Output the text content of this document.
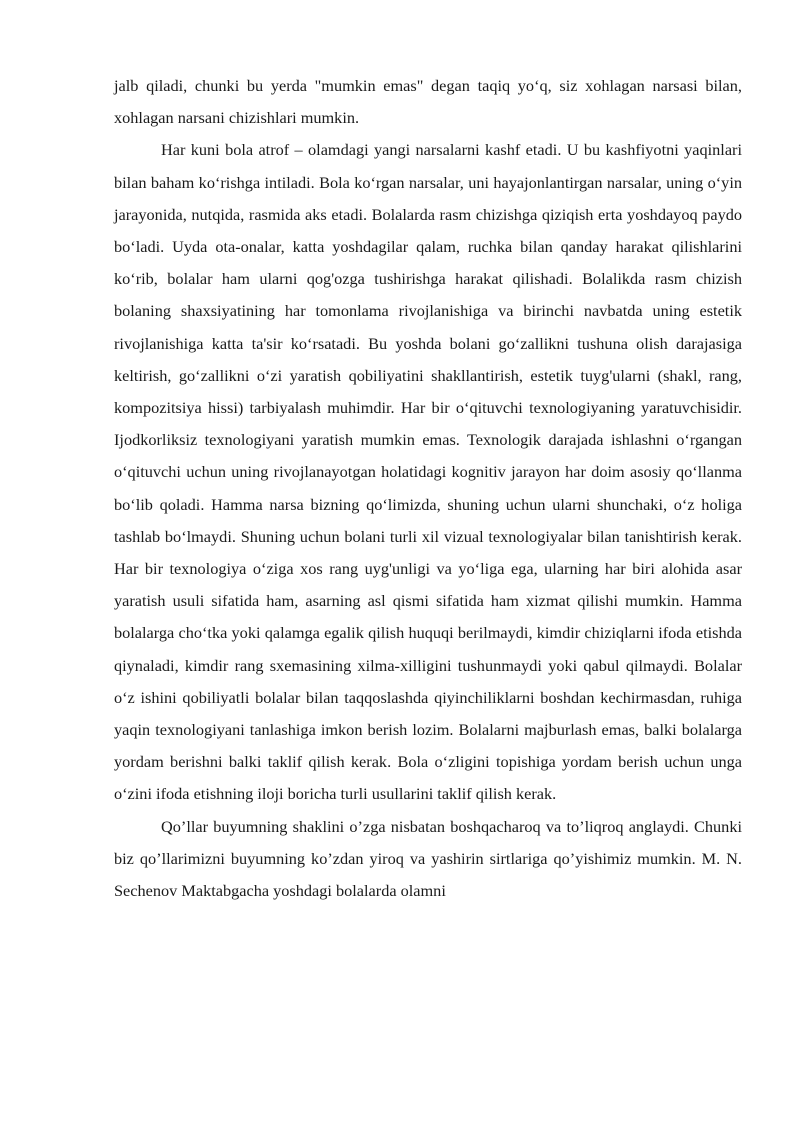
jalb qiladi, chunki bu yerda "mumkin emas" degan taqiq yo‘q, siz xohlagan narsasi bilan, xohlagan narsani chizishlari mumkin.

Har kuni bola atrof – olamdagi yangi narsalarni kashf etadi. U bu kashfiyotni yaqinlari bilan baham ko‘rishga intiladi. Bola ko‘rgan narsalar, uni hayajonlantirgan narsalar, uning o‘yin jarayonida, nutqida, rasmida aks etadi. Bolalarda rasm chizishga qiziqish erta yoshdayoq paydo bo‘ladi. Uyda ota-onalar, katta yoshdagilar qalam, ruchka bilan qanday harakat qilishlarini ko‘rib, bolalar ham ularni qog'ozga tushirishga harakat qilishadi. Bolalikda rasm chizish bolaning shaxsiyatining har tomonlama rivojlanishiga va birinchi navbatda uning estetik rivojlanishiga katta ta'sir ko‘rsatadi. Bu yoshda bolani go‘zallikni tushuna olish darajasiga keltirish, go‘zallikni o‘zi yaratish qobiliyatini shakllantirish, estetik tuyg'ularni (shakl, rang, kompozitsiya hissi) tarbiyalash muhimdir. Har bir o‘qituvchi texnologiyaning yaratuvchisidir. Ijodkorliksiz texnologiyani yaratish mumkin emas. Texnologik darajada ishlashni o‘rgangan o‘qituvchi uchun uning rivojlanayotgan holatidagi kognitiv jarayon har doim asosiy qo‘llanma bo‘lib qoladi. Hamma narsa bizning qo‘limizda, shuning uchun ularni shunchaki, o‘z holiga tashlab bo‘lmaydi. Shuning uchun bolani turli xil vizual texnologiyalar bilan tanishtirish kerak. Har bir texnologiya o‘ziga xos rang uyg'unligi va yo‘liga ega, ularning har biri alohida asar yaratish usuli sifatida ham, asarning asl qismi sifatida ham xizmat qilishi mumkin. Hamma bolalarga cho‘tka yoki qalamga egalik qilish huquqi berilmaydi, kimdir chiziqlarni ifoda etishda qiynaladi, kimdir rang sxemasining xilma-xilligini tushunmaydi yoki qabul qilmaydi. Bolalar o‘z ishini qobiliyatli bolalar bilan taqqoslashda qiyinchiliklarni boshdan kechirmasdan, ruhiga yaqin texnologiyani tanlashiga imkon berish lozim. Bolalarni majburlash emas, balki bolalarga yordam berishni balki taklif qilish kerak. Bola o‘zligini topishiga yordam berish uchun unga o‘zini ifoda etishning iloji boricha turli usullarini taklif qilish kerak.

Qo’llar buyumning shaklini o’zga nisbatan boshqacharoq va to’liqroq anglaydi. Chunki biz qo’llarimizni buyumning ko’zdan yiroq va yashirin sirtlariga qo’yishimiz mumkin. M. N. Sechenov Maktabgacha yoshdagi bolalarda olamni
